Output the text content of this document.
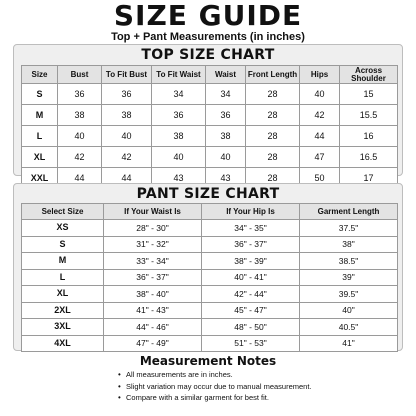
SIZE GUIDE
Top + Pant Measurements (in inches)
TOP SIZE CHART
Size	Bust	To Fit Bust	To Fit Waist	Waist	Front Length	Hips	Across Shoulder
S	36	36	34	34	28	40	15
M	38	38	36	36	28	42	15.5
L	40	40	38	38	28	44	16
XL	42	42	40	40	28	47	16.5
XXL	44	44	43	43	28	50	17
PANT SIZE CHART
Select Size	If Your Waist Is	If Your Hip Is	Garment Length
XS	28" - 30"	34" - 35"	37.5"
S	31" - 32"	36" - 37"	38"
M	33" - 34"	38" - 39"	38.5"
L	36" - 37"	40" - 41"	39"
XL	38" - 40"	42" - 44"	39.5"
2XL	41" - 43"	45" - 47"	40"
3XL	44" - 46"	48" - 50"	40.5"
4XL	47" - 49"	51" - 53"	41"
Measurement Notes
• All measurements are in inches.
• Slight variation may occur due to manual measurement.
• Compare with a similar garment for best fit.
